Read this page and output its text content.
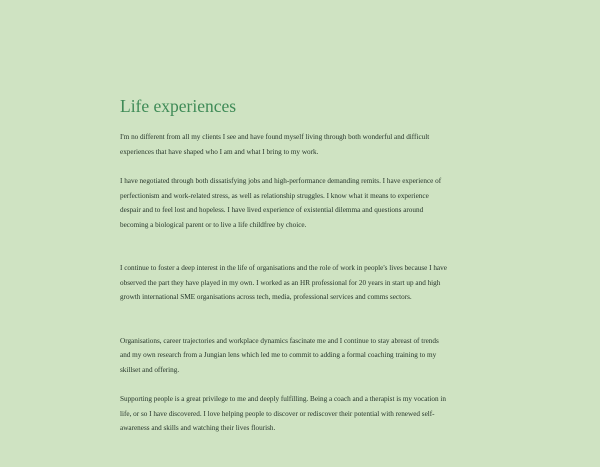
Life experiences

I'm no different from all my clients I see and have found myself living through both wonderful and difficult
experiences that have shaped who I am and what I bring to my work.

I have negotiated through both dissatisfying jobs and high-performance demanding remits. I have experience of
perfectionism and work-related stress, as well as relationship struggles. I know what it means to experience
despair and to feel lost and hopeless. I have lived experience of existential dilemma and questions around
becoming a biological parent or to live a life childfree by choice.

I continue to foster a deep interest in the life of organisations and the role of work in people's lives because I have
observed the part they have played in my own. I worked as an HR professional for 20 years in start up and high
growth international SME organisations across tech, media, professional services and comms sectors.

Organisations, career trajectories and workplace dynamics fascinate me and I continue to stay abreast of trends
and my own research from a Jungian lens which led me to commit to adding a formal coaching training to my
skillset and offering.

Supporting people is a great privilege to me and deeply fulfilling. Being a coach and a therapist is my vocation in
life, or so I have discovered. I love helping people to discover or rediscover their potential with renewed self-
awareness and skills and watching their lives flourish.
